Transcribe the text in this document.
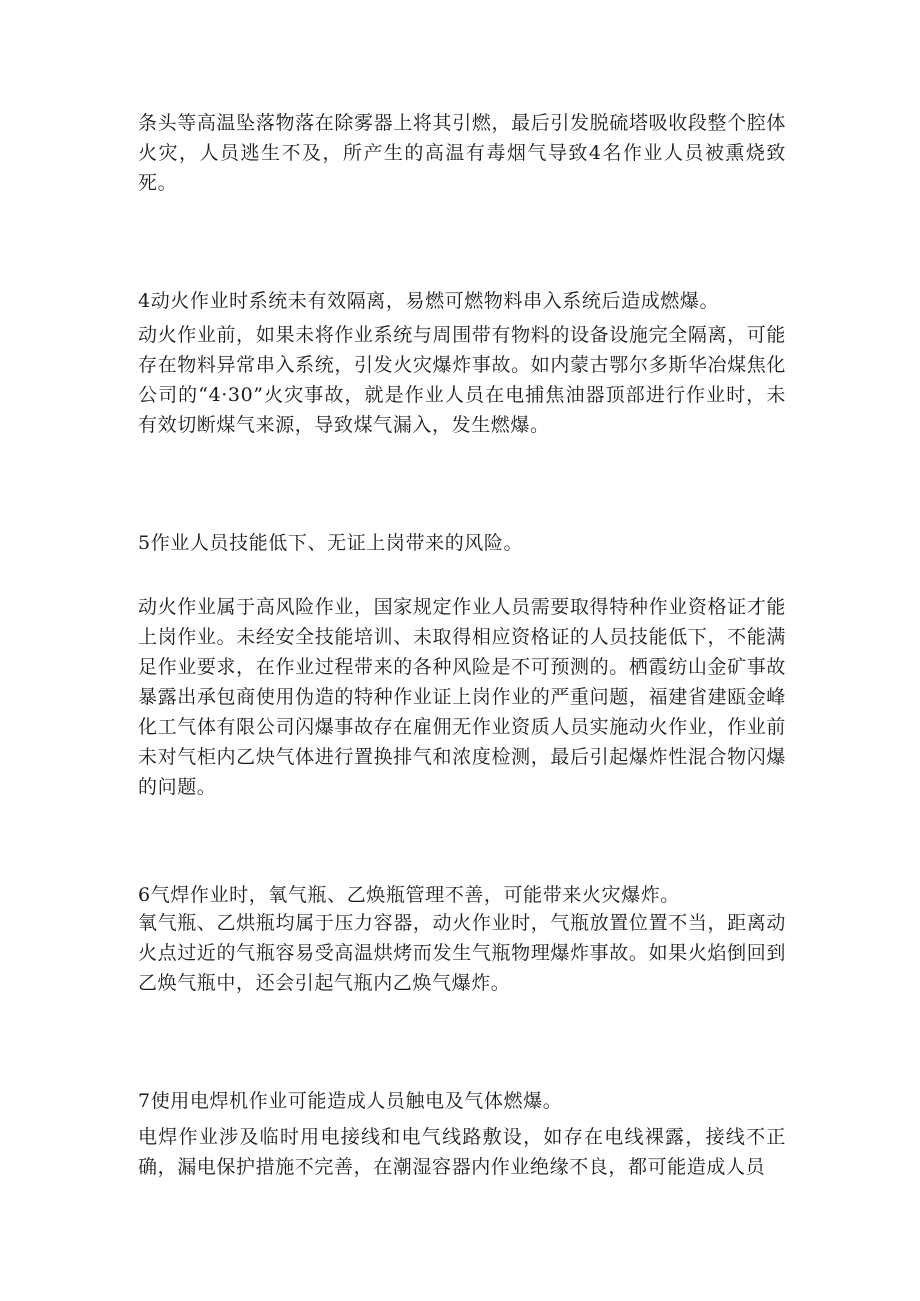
条头等高温坠落物落在除雾器上将其引燃，最后引发脱硫塔吸收段整个腔体火灾，人员逃生不及，所产生的高温有毒烟气导致4名作业人员被熏烧致死。

4动火作业时系统未有效隔离，易燃可燃物料串入系统后造成燃爆。

动火作业前，如果未将作业系统与周围带有物料的设备设施完全隔离，可能存在物料异常串入系统，引发火灾爆炸事故。如内蒙古鄂尔多斯华冶煤焦化公司的“4·30”火灾事故，就是作业人员在电捕焦油器顶部进行作业时，未有效切断煤气来源，导致煤气漏入，发生燃爆。

5作业人员技能低下、无证上岗带来的风险。

动火作业属于高风险作业，国家规定作业人员需要取得特种作业资格证才能上岗作业。未经安全技能培训、未取得相应资格证的人员技能低下，不能满足作业要求，在作业过程带来的各种风险是不可预测的。栖霞纺山金矿事故暴露出承包商使用伪造的特种作业证上岗作业的严重问题，福建省建瓯金峰化工气体有限公司闪爆事故存在雇佣无作业资质人员实施动火作业，作业前未对气柜内乙炔气体进行置换排气和浓度检测，最后引起爆炸性混合物闪爆的问题。

6气焊作业时，氧气瓶、乙焕瓶管理不善，可能带来火灾爆炸。

氧气瓶、乙烘瓶均属于压力容器，动火作业时，气瓶放置位置不当，距离动火点过近的气瓶容易受高温烘烤而发生气瓶物理爆炸事故。如果火焰倒回到乙焕气瓶中，还会引起气瓶内乙焕气爆炸。

7使用电焊机作业可能造成人员触电及气体燃爆。

电焊作业涉及临时用电接线和电气线路敷设，如存在电线裸露，接线不正确，漏电保护措施不完善，在潮湿容器内作业绝缘不良，都可能造成人员
